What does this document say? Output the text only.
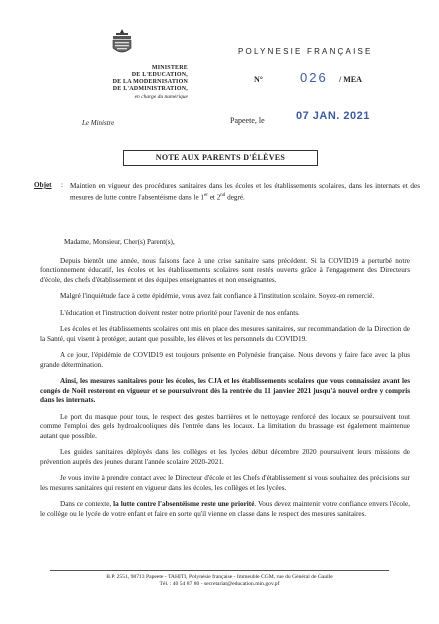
MINISTERE
DE L'EDUCATION,
DE LA MODERNISATION
DE L'ADMINISTRATION,
en charge du numérique
Le Ministre
POLYNESIE FRANÇAISE
N°	026 / MEA
Papeete, le	07 JAN. 2021
NOTE AUX PARENTS D'ÉLÈVES
Objet : Maintien en vigueur des procédures sanitaires dans les écoles et les établissements scolaires, dans les internats et des mesures de lutte contre l'absentéisme dans le 1er et 2nd degré.

Madame, Monsieur, Cher(s) Parent(s),

Depuis bientôt une année, nous faisons face à une crise sanitaire sans précédent. Si la COVID19 a perturbé notre fonctionnement éducatif, les écoles et les établissements scolaires sont restés ouverts grâce à l'engagement des Directeurs d'école, des chefs d'établissement et des équipes enseignantes et non enseignantes.

Malgré l'inquiétude face à cette épidémie, vous avez fait confiance à l'institution scolaire. Soyez-en remercié.

L'éducation et l'instruction doivent rester notre priorité pour l'avenir de nos enfants.

Les écoles et les établissements scolaires ont mis en place des mesures sanitaires, sur recommandation de la Direction de la Santé, qui visent à protéger, autant que possible, les élèves et les personnels du COVID19.

A ce jour, l'épidémie de COVID19 est toujours présente en Polynésie française. Nous devons y faire face avec la plus grande détermination.

Ainsi, les mesures sanitaires pour les écoles, les CJA et les établissements scolaires que vous connaissiez avant les congés de Noël resteront en vigueur et se poursuivront dès la rentrée du 11 janvier 2021 jusqu'à nouvel ordre y compris dans les internats.

Le port du masque pour tous, le respect des gestes barrières et le nettoyage renforcé des locaux se poursuivent tout comme l'emploi des gels hydroalcooliques dès l'entrée dans les locaux. La limitation du brassage est également maintenue autant que possible.

Les guides sanitaires déployés dans les collèges et les lycées début décembre 2020 poursuivent leurs missions de prévention auprès des jeunes durant l'année scolaire 2020-2021.

Je vous invite à prendre contact avec le Directeur d'école et les Chefs d'établissement si vous souhaitez des précisions sur les mesures sanitaires qui restent en vigueur dans les écoles, les collèges et les lycées.

Dans ce contexte, la lutte contre l'absentéisme reste une priorité. Vous devez maintenir votre confiance envers l'école, le collège ou le lycée de votre enfant et faire en sorte qu'il vienne en classe dans le respect des mesures sanitaires.

B.P. 2551, 98713 Papeete - TAHITI, Polynésie française - Immeuble CGM, rue du Général de Gaulle
Tél. : 40 54 87 80 - secretariat@education.min.gov.pf
